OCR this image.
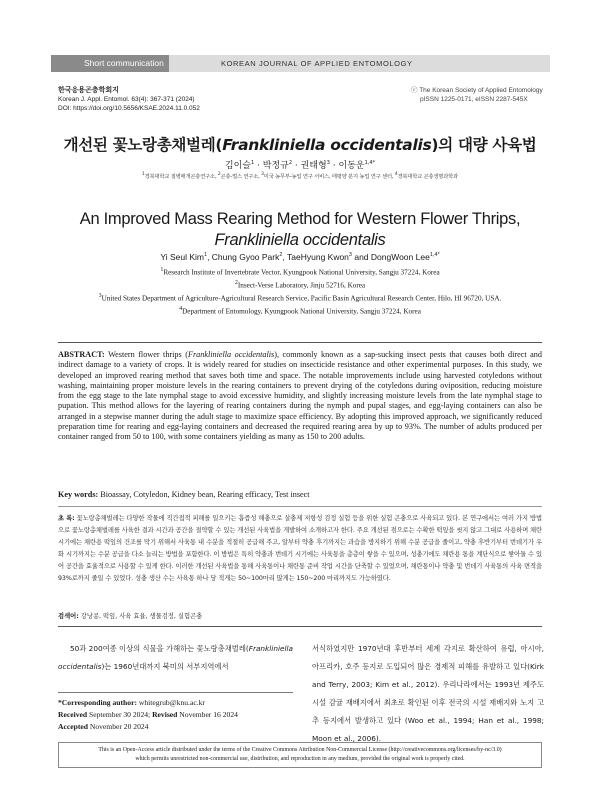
Short communication	KOREAN JOURNAL OF APPLIED ENTOMOLOGY
한국응용곤충학회지
Korean J. Appl. Entomol. 63(4): 367-371 (2024)
DOI: https://doi.org/10.5656/KSAE.2024.11.0.052
ⓒ The Korean Society of Applied Entomology
pISSN 1225-0171, eISSN 2287-545X
개선된 꽃노랑총채벌레(Frankliniella occidentalis)의 대량 사육법
김이슬$^1$ · 박정규$^2$ · 권태형$^3$ · 이동운$^{1,4*}$
$^1$경북대학교 질병매개곤충연구소, $^2$곤충-벌스 연구소, $^3$미국 농무부-농업 연구 서비스, 태평양 분지 농업 연구 센터, $^4$경북대학교 곤충생명과학과
An Improved Mass Rearing Method for Western Flower Thrips,
Frankliniella occidentalis
Yi Seul Kim$^1$, Chung Gyoo Park$^2$, TaeHyung Kwon$^3$ and DongWoon Lee$^{1,4*}$
$^1$Research Institute of Invertebrate Vector, Kyungpook National University, Sangju 37224, Korea
$^2$Insect-Verse Laboratory, Jinju 52716, Korea
$^3$United States Department of Agriculture-Agricultural Research Service, Pacific Basin Agricultural Research Center, Hilo, HI 96720, USA.
$^4$Department of Entomology, Kyungpook National University, Sangju 37224, Korea
ABSTRACT: Western flower thrips (Frankliniella occidentalis), commonly known as a sap-sucking insect pests that causes both direct and indirect damage to a variety of crops. It is widely reared for studies on insecticide resistance and other experimental purposes. In this study, we developed an improved rearing method that saves both time and space. The notable improvements include using harvested cotyledons without washing, maintaining proper moisture levels in the rearing containers to prevent drying of the cotyledons during oviposition, reducing moisture from the egg stage to the late nymphal stage to avoid excessive humidity, and slightly increasing moisture levels from the late nymphal stage to pupation. This method allows for the layering of rearing containers during the nymph and pupal stages, and egg-laying containers can also be arranged in a stepwise manner during the adult stage to maximize space efficiency. By adopting this improved approach, we significantly reduced preparation time for rearing and egg-laying containers and decreased the required rearing area by up to 93%. The number of adults produced per container ranged from 50 to 100, with some containers yielding as many as 150 to 200 adults.
Key words: Bioassay, Cotyledon, Kidney bean, Rearing efficacy, Test insect
초 록: 꽃노랑총채벌레는 다양한 작물에 직간접적 피해를 일으키는 흡즙성 해충으로 살충제 저항성 검정 실험 등을 위한 실험 곤충으로 사육되고 있다. 본 연구에서는 여러 가지 방법으로 꽃노랑총채벌레를 사육한 결과 시간과 공간을 절약할 수 있는 개선된 사육법을 개발하여 소개하고자 한다. 주요 개선된 점으로는 수확한 떡잎을 씻지 않고 그대로 사용하며 채란 시기에는 채란용 떡잎의 건조를 막기 위해서 사육통 내 수분을 적절히 공급해 주고, 알부터 약충 후기까지는 과습을 방지하기 위해 수분 공급을 줄이고, 약충 후반기부터 번데기가 우화 시기까지는 수분 공급을 다소 늘리는 방법을 포함한다. 이 방법은 특히 약충과 번데기 시기에는 사육통을 층층이 쌓을 수 있으며, 성충기에도 채란용 통을 계단식으로 쌓아둘 수 있어 공간을 효율적으로 사용할 수 있게 한다. 이러한 개선된 사육법을 통해 사육통이나 채란통 준비 작업 시간을 단축할 수 있었으며, 채란통이나 약충 및 번데기 사육통의 사육 면적을 93%로까지 줄일 수 있었다. 성충 생산 수는 사육통 하나 당 적게는 50~100마리 많게는 150~200 마리까지도 가능하였다.
검색어: 강낭콩, 떡잎, 사육 효율, 생물검정, 실험곤충
50과 200여종 이상의 식물을 가해하는 꽃노랑총채벌레(Frankliniella occidentalis)는 1960년대까지 북미의 서부지역에서
*Corresponding author: whitegrub@knu.ac.kr
Received September 30 2024; Revised November 16 2024
Accepted November 20 2024
서식하였지만 1970년대 후반부터 세계 각지로 확산하여 유럽, 아시아, 아프리카, 호주 등지로 도입되어 많은 경제적 피해를 유발하고 있다(Kirk and Terry, 2003; Kim et al., 2012). 우리나라에서는 1993년 제주도 시설 감귤 재배지에서 최초로 확인된 이후 전국의 시설 재배지와 노지 고추 등지에서 발생하고 있다 (Woo et al., 1994; Han et al., 1998; Moon et al., 2006).
This is an Open-Access article distributed under the terms of the Creative Commons Attribution Non-Commercial License (http://creativecommons.org/licenses/by-nc/3.0)
which permits unrestricted non-commercial use, distribution, and reproduction in any medium, provided the original work is properly cited.
